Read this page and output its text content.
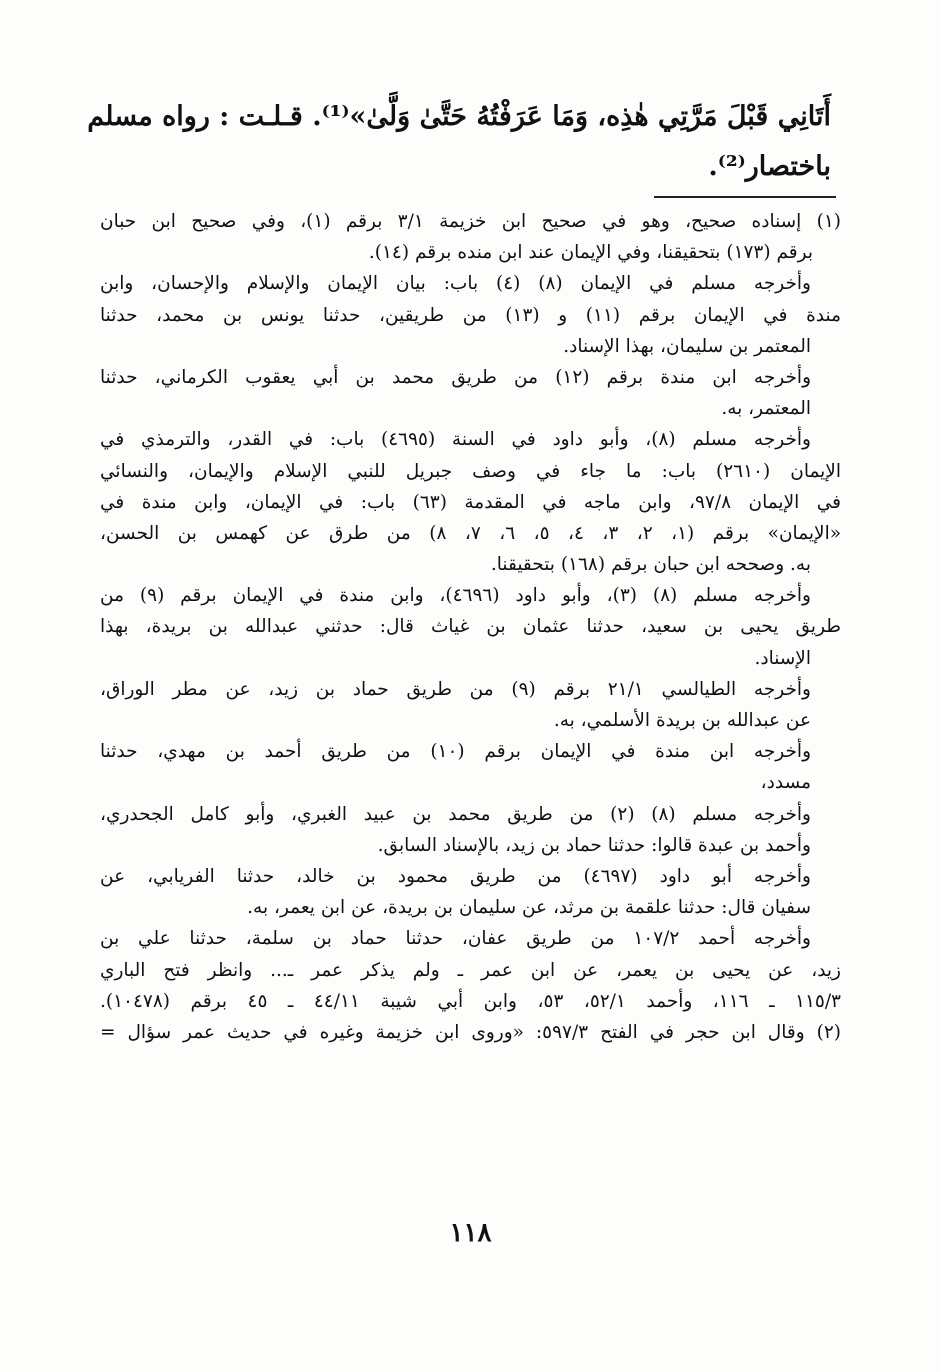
أَتَانِي قَبْلَ مَرَّتِي هٰذِه، وَمَا عَرَفْتُهُ حَتَّىٰ وَلَّىٰ»⁽¹⁾. قـلـت : رواه مسلم
باختصار⁽²⁾.
(١) إسناده صحيح، وهو في صحيح ابن خزيمة ٣/١ برقم (١)، وفي صحيح ابن حبان
برقم (١٧٣) بتحقيقنا، وفي الإيمان عند ابن منده برقم (١٤).
وأخرجه مسلم في الإيمان (٨) (٤) باب: بيان الإيمان والإسلام والإحسان، وابن
مندة في الإيمان برقم (١١) و (١٣) من طريقين، حدثنا يونس بن محمد، حدثنا
المعتمر بن سليمان، بهذا الإسناد.
وأخرجه ابن مندة برقم (١٢) من طريق محمد بن أبي يعقوب الكرماني، حدثنا
المعتمر، به.
وأخرجه مسلم (٨)، وأبو داود في السنة (٤٦٩٥) باب: في القدر، والترمذي في
الإيمان (٢٦١٠) باب: ما جاء في وصف جبريل للنبي الإسلام والإيمان، والنسائي
في الإيمان ٩٧/٨، وابن ماجه في المقدمة (٦٣) باب: في الإيمان، وابن مندة في
«الإيمان» برقم (١، ٢، ٣، ٤، ٥، ٦، ٧، ٨) من طرق عن كهمس بن الحسن،
به. وصححه ابن حبان برقم (١٦٨) بتحقيقنا.
وأخرجه مسلم (٨) (٣)، وأبو داود (٤٦٩٦)، وابن مندة في الإيمان برقم (٩) من
طريق يحيى بن سعيد، حدثنا عثمان بن غياث قال: حدثني عبدالله بن بريدة، بهذا
الإسناد.
وأخرجه الطيالسي ٢١/١ برقم (٩) من طريق حماد بن زيد، عن مطر الوراق،
عن عبدالله بن بريدة الأسلمي، به.
وأخرجه ابن مندة في الإيمان برقم (١٠) من طريق أحمد بن مهدي، حدثنا
مسدد،
وأخرجه مسلم (٨) (٢) من طريق محمد بن عبيد الغبري، وأبو كامل الجحدري،
وأحمد بن عبدة قالوا: حدثنا حماد بن زيد، بالإسناد السابق.
وأخرجه أبو داود (٤٦٩٧) من طريق محمود بن خالد، حدثنا الفريابي، عن
سفيان قال: حدثنا علقمة بن مرثد، عن سليمان بن بريدة، عن ابن يعمر، به.
وأخرجه أحمد ١٠٧/٢ من طريق عفان، حدثنا حماد بن سلمة، حدثنا علي بن
زيد، عن يحيى بن يعمر، عن ابن عمر ـ ولم يذكر عمر ـ... وانظر فتح الباري
١١٥/٣ ـ ١١٦، وأحمد ٥٢/١، ٥٣، وابن أبي شيبة ٤٤/١١ ـ ٤٥ برقم (١٠٤٧٨).
(٢) وقال ابن حجر في الفتح ٥٩٧/٣: «وروى ابن خزيمة وغيره في حديث عمر سؤال =
١١٨
